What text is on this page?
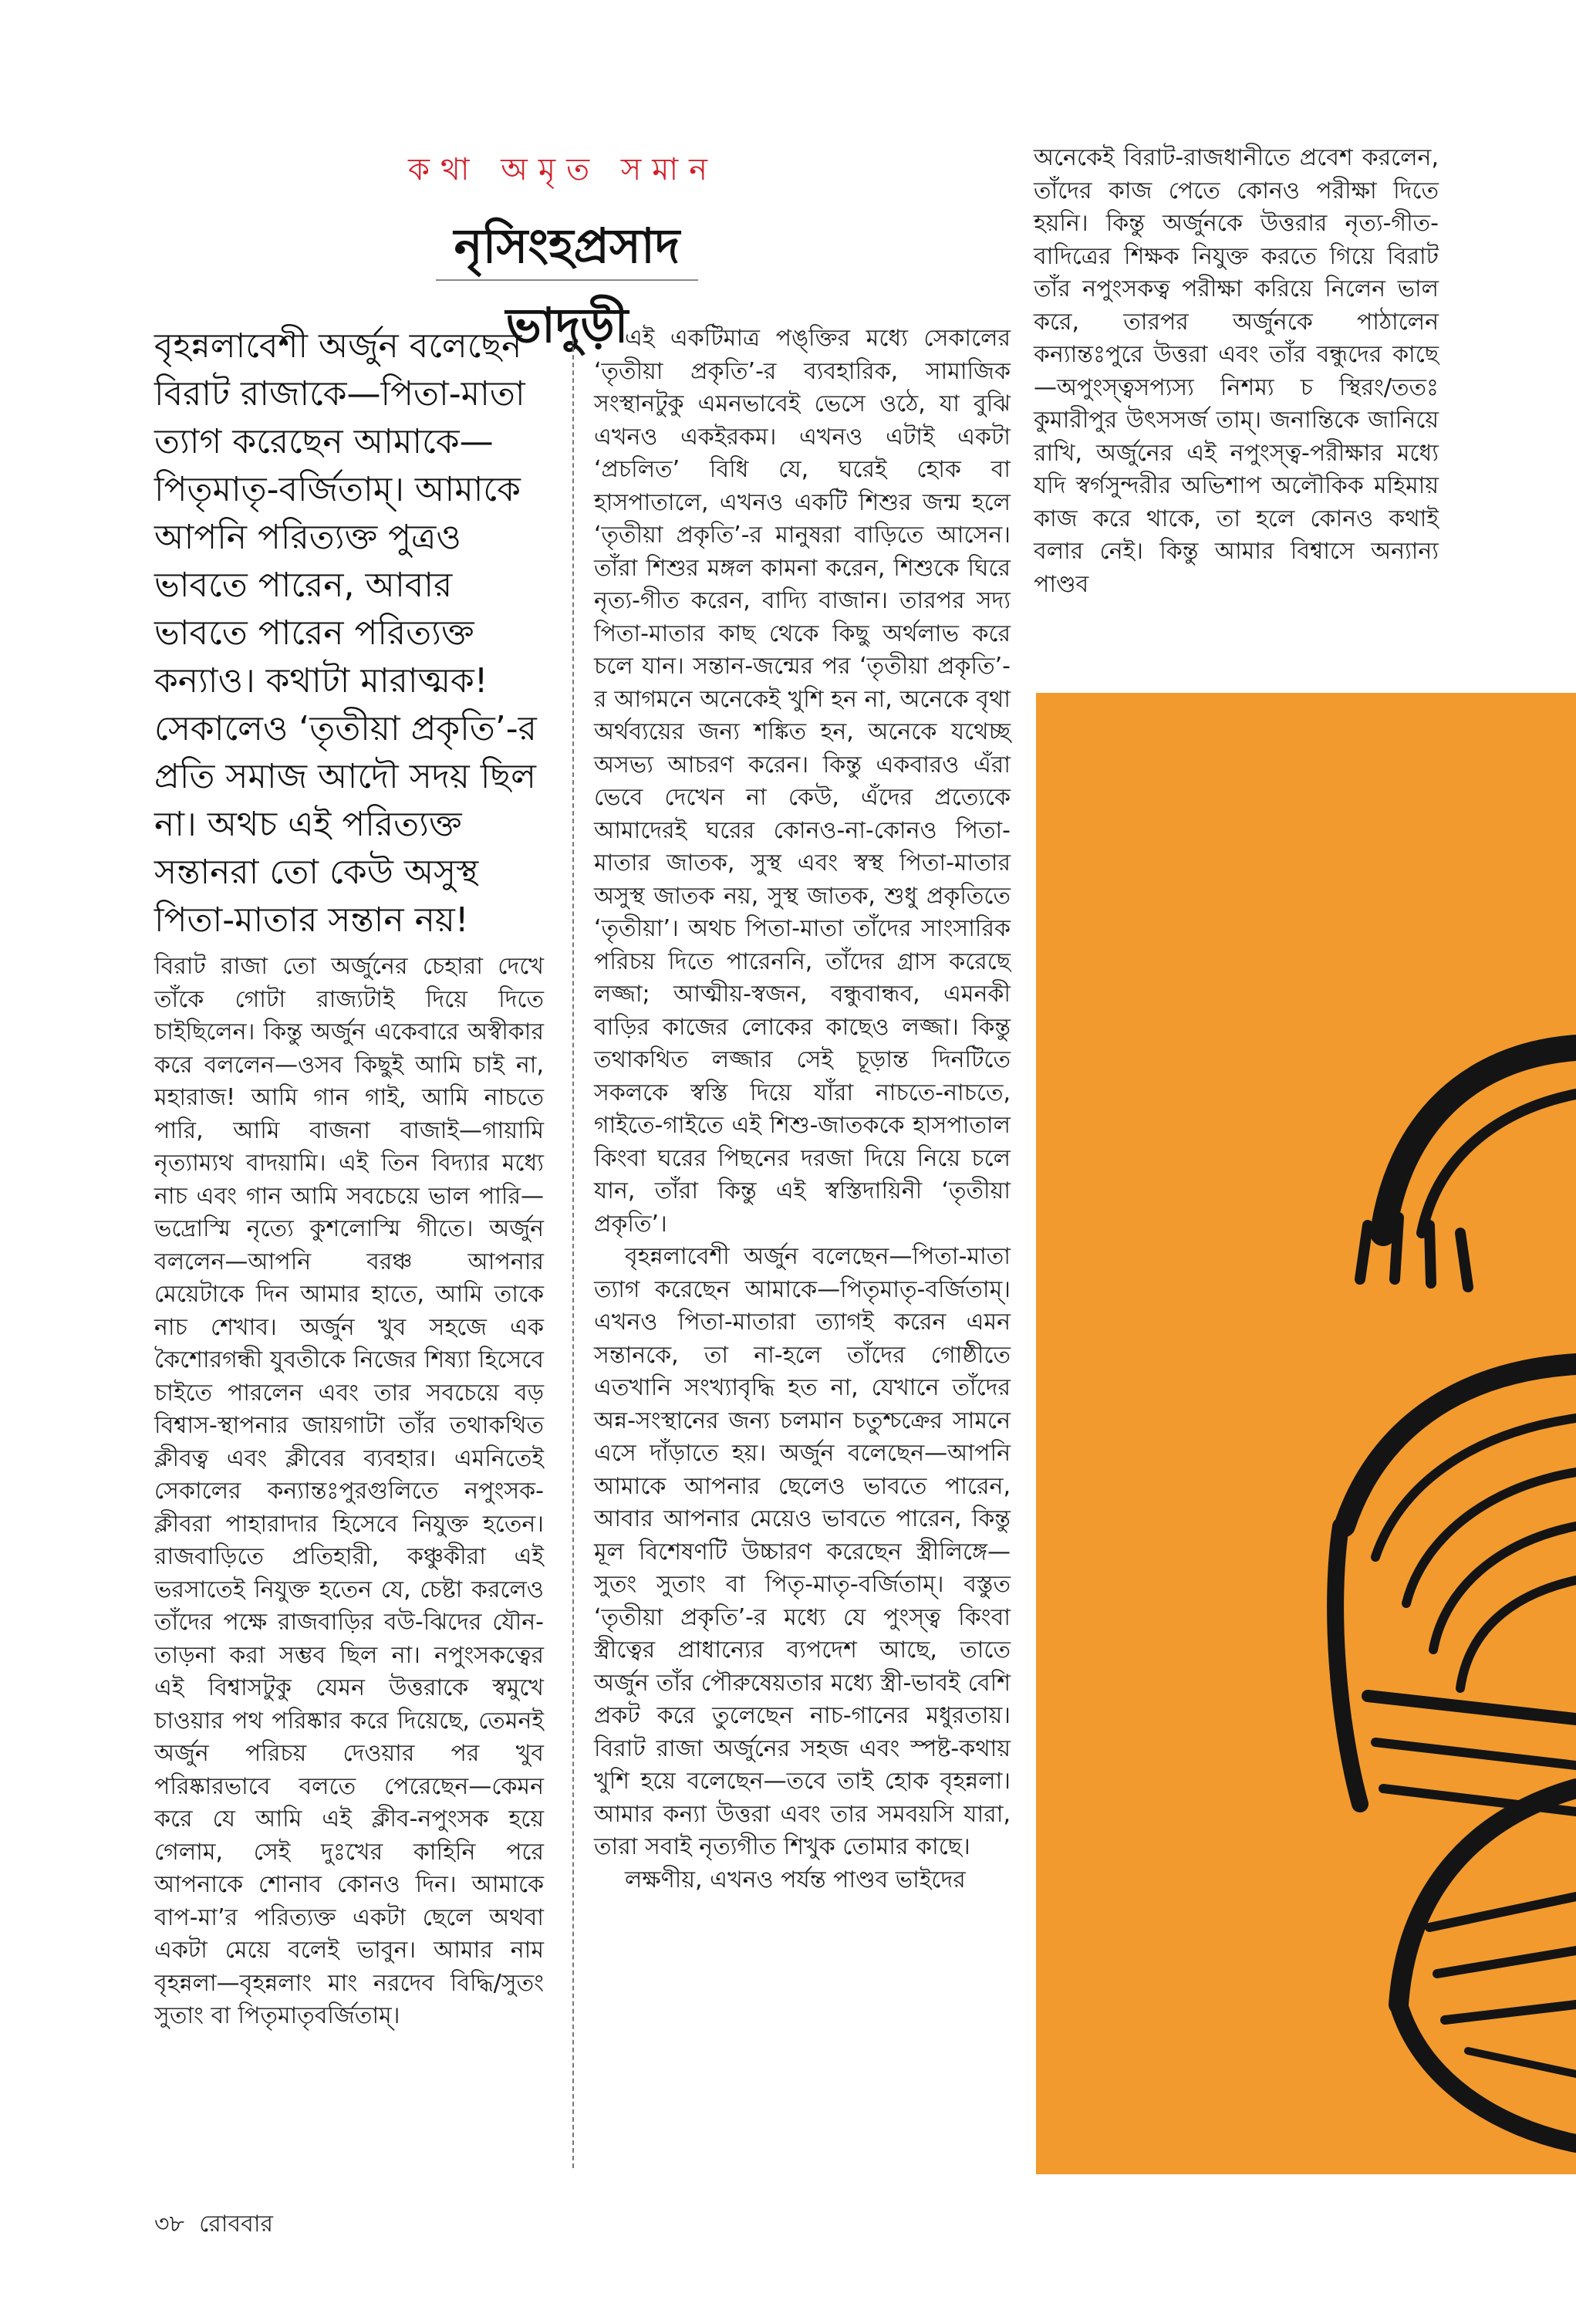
কথা অমৃত সমান
নৃসিংহপ্রসাদ ভাদুড়ী
বৃহন্নলাবেশী অর্জুন বলেছেন বিরাট রাজাকে—পিতা-মাতা ত্যাগ করেছেন আমাকে—পিতৃমাতৃ-বর্জিতাম্। আমাকে আপনি পরিত্যক্ত পুত্রও ভাবতে পারেন, আবার ভাবতে পারেন পরিত্যক্ত কন্যাও। কথাটা মারাত্মক! সেকালেও ‘তৃতীয়া প্রকৃতি’-র প্রতি সমাজ আদৌ সদয় ছিল না। অথচ এই পরিত্যক্ত সন্তানরা তো কেউ অসুস্থ পিতা-মাতার সন্তান নয়!

বিরাট রাজা তো অর্জুনের চেহারা দেখে তাঁকে গোটা রাজ্যটাই দিয়ে দিতে চাইছিলেন। কিন্তু অর্জুন একেবারে অস্বীকার করে বললেন—ওসব কিছুই আমি চাই না, মহারাজ! আমি গান গাই, আমি নাচতে পারি, আমি বাজনা বাজাই—গায়ামি নৃত্যাম্যথ বাদয়ামি। এই তিন বিদ্যার মধ্যে নাচ এবং গান আমি সবচেয়ে ভাল পারি—ভদ্রোস্মি নৃত্যে কুশলোস্মি গীতে। অর্জুন বললেন—আপনি বরঞ্চ আপনার মেয়েটাকে দিন আমার হাতে, আমি তাকে নাচ শেখাব। অর্জুন খুব সহজে এক কৈশোরগন্ধী যুবতীকে নিজের শিষ্যা হিসেবে চাইতে পারলেন এবং তার সবচেয়ে বড় বিশ্বাস-স্থাপনার জায়গাটা তাঁর তথাকথিত ক্লীবত্ব এবং ক্লীবের ব্যবহার। এমনিতেই সেকালের কন্যান্তঃপুরগুলিতে নপুংসক-ক্লীবরা পাহারাদার হিসেবে নিযুক্ত হতেন। রাজবাড়িতে প্রতিহারী, কঞ্চুকীরা এই ভরসাতেই নিযুক্ত হতেন যে, চেষ্টা করলেও তাঁদের পক্ষে রাজবাড়ির বউ-ঝিদের যৌন-তাড়না করা সম্ভব ছিল না। নপুংসকত্বের এই বিশ্বাসটুকু যেমন উত্তরাকে স্বমুখে চাওয়ার পথ পরিষ্কার করে দিয়েছে, তেমনই অর্জুন পরিচয় দেওয়ার পর খুব পরিষ্কারভাবে বলতে পেরেছেন—কেমন করে যে আমি এই ক্লীব-নপুংসক হয়ে গেলাম, সেই দুঃখের কাহিনি পরে আপনাকে শোনাব কোনও দিন। আমাকে বাপ-মা’র পরিত্যক্ত একটা ছেলে অথবা একটা মেয়ে বলেই ভাবুন। আমার নাম বৃহন্নলা—বৃহন্নলাং মাং নরদেব বিদ্ধি/সুতং সুতাং বা পিতৃমাতৃবর্জিতাম্।

এই একটিমাত্র পঙ্‌ক্তির মধ্যে সেকালের ‘তৃতীয়া প্রকৃতি’-র ব্যবহারিক, সামাজিক সংস্থানটুকু এমনভাবেই ভেসে ওঠে, যা বুঝি এখনও একইরকম। এখনও এটাই একটা ‘প্রচলিত’ বিধি যে, ঘরেই হোক বা হাসপাতালে, এখনও একটি শিশুর জন্ম হলে ‘তৃতীয়া প্রকৃতি’-র মানুষরা বাড়িতে আসেন। তাঁরা শিশুর মঙ্গল কামনা করেন, শিশুকে ঘিরে নৃত্য-গীত করেন, বাদ্যি বাজান। তারপর সদ্য পিতা-মাতার কাছ থেকে কিছু অর্থলাভ করে চলে যান। সন্তান-জন্মের পর ‘তৃতীয়া প্রকৃতি’-র আগমনে অনেকেই খুশি হন না, অনেকে বৃথা অর্থব্যয়ের জন্য শঙ্কিত হন, অনেকে যথেচ্ছ অসভ্য আচরণ করেন। কিন্তু একবারও এঁরা ভেবে দেখেন না কেউ, এঁদের প্রত্যেকে আমাদেরই ঘরের কোনও-না-কোনও পিতা-মাতার জাতক, সুস্থ এবং স্বস্থ পিতা-মাতার অসুস্থ জাতক নয়, সুস্থ জাতক, শুধু প্রকৃতিতে ‘তৃতীয়া’। অথচ পিতা-মাতা তাঁদের সাংসারিক পরিচয় দিতে পারেননি, তাঁদের গ্রাস করেছে লজ্জা; আত্মীয়-স্বজন, বন্ধুবান্ধব, এমনকী বাড়ির কাজের লোকের কাছেও লজ্জা। কিন্তু তথাকথিত লজ্জার সেই চূড়ান্ত দিনটিতে সকলকে স্বস্তি দিয়ে যাঁরা নাচতে-নাচতে, গাইতে-গাইতে এই শিশু-জাতককে হাসপাতাল কিংবা ঘরের পিছনের দরজা দিয়ে নিয়ে চলে যান, তাঁরা কিন্তু এই স্বস্তিদায়িনী ‘তৃতীয়া প্রকৃতি’।

বৃহন্নলাবেশী অর্জুন বলেছেন—পিতা-মাতা ত্যাগ করেছেন আমাকে—পিতৃমাতৃ-বর্জিতাম্। এখনও পিতা-মাতারা ত্যাগই করেন এমন সন্তানকে, তা না-হলে তাঁদের গোষ্ঠীতে এতখানি সংখ্যাবৃদ্ধি হত না, যেখানে তাঁদের অন্ন-সংস্থানের জন্য চলমান চতুশ্চক্রের সামনে এসে দাঁড়াতে হয়। অর্জুন বলেছেন—আপনি আমাকে আপনার ছেলেও ভাবতে পারেন, আবার আপনার মেয়েও ভাবতে পারেন, কিন্তু মূল বিশেষণটি উচ্চারণ করেছেন স্ত্রীলিঙ্গে—সুতং সুতাং বা পিতৃ-মাতৃ-বর্জিতাম্। বস্তুত ‘তৃতীয়া প্রকৃতি’-র মধ্যে যে পুংস্ত্ব কিংবা স্ত্রীত্বের প্রাধান্যের ব্যপদেশ আছে, তাতে অর্জুন তাঁর পৌরুষেয়তার মধ্যে স্ত্রী-ভাবই বেশি প্রকট করে তুলেছেন নাচ-গানের মধুরতায়। বিরাট রাজা অর্জুনের সহজ এবং স্পষ্ট-কথায় খুশি হয়ে বলেছেন—তবে তাই হোক বৃহন্নলা। আমার কন্যা উত্তরা এবং তার সমবয়সি যারা, তারা সবাই নৃত্যগীত শিখুক তোমার কাছে।

লক্ষণীয়, এখনও পর্যন্ত পাণ্ডব ভাইদের

অনেকেই বিরাট-রাজধানীতে প্রবেশ করলেন, তাঁদের কাজ পেতে কোনও পরীক্ষা দিতে হয়নি। কিন্তু অর্জুনকে উত্তরার নৃত্য-গীত-বাদিত্রের শিক্ষক নিযুক্ত করতে গিয়ে বিরাট তাঁর নপুংসকত্ব পরীক্ষা করিয়ে নিলেন ভাল করে, তারপর অর্জুনকে পাঠালেন কন্যান্তঃপুরে উত্তরা এবং তাঁর বন্ধুদের কাছে—অপুংস্ত্বসপ্যস্য নিশম্য চ স্থিরং/ততঃ কুমারীপুর উৎসসর্জ তাম্। জনান্তিকে জানিয়ে রাখি, অর্জুনের এই নপুংস্ত্ব-পরীক্ষার মধ্যে যদি স্বর্গসুন্দরীর অভিশাপ অলৌকিক মহিমায় কাজ করে থাকে, তা হলে কোনও কথাই বলার নেই। কিন্তু আমার বিশ্বাসে অন্যান্য পাণ্ডব

৩৮ রোববার
